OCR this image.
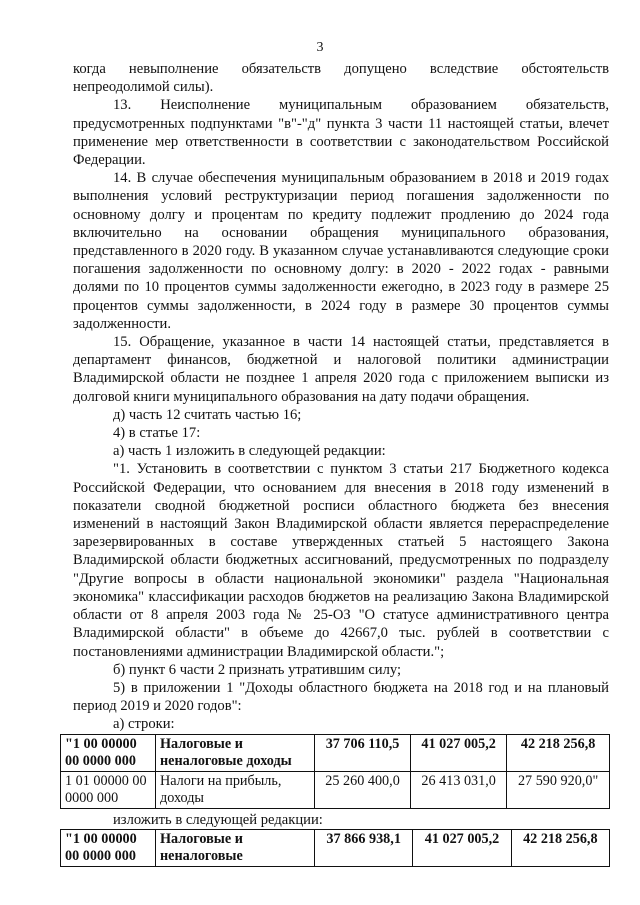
3

когда невыполнение обязательств допущено вследствие обстоятельств непреодолимой силы).

13. Неисполнение муниципальным образованием обязательств, предусмотренных подпунктами "в"-"д" пункта 3 части 11 настоящей статьи, влечет применение мер ответственности в соответствии с законодательством Российской Федерации.

14. В случае обеспечения муниципальным образованием в 2018 и 2019 годах выполнения условий реструктуризации период погашения задолженности по основному долгу и процентам по кредиту подлежит продлению до 2024 года включительно на основании обращения муниципального образования, представленного в 2020 году. В указанном случае устанавливаются следующие сроки погашения задолженности по основному долгу: в 2020 - 2022 годах - равными долями по 10 процентов суммы задолженности ежегодно, в 2023 году в размере 25 процентов суммы задолженности, в 2024 году в размере 30 процентов суммы задолженности.

15. Обращение, указанное в части 14 настоящей статьи, представляется в департамент финансов, бюджетной и налоговой политики администрации Владимирской области не позднее 1 апреля 2020 года с приложением выписки из долговой книги муниципального образования на дату подачи обращения.

д) часть 12 считать частью 16;

4) в статье 17:

а) часть 1 изложить в следующей редакции:

"1. Установить в соответствии с пунктом 3 статьи 217 Бюджетного кодекса Российской Федерации, что основанием для внесения в 2018 году изменений в показатели сводной бюджетной росписи областного бюджета без внесения изменений в настоящий Закон Владимирской области является перераспределение зарезервированных в составе утвержденных статьей 5 настоящего Закона Владимирской области бюджетных ассигнований, предусмотренных по подразделу "Другие вопросы в области национальной экономики" раздела "Национальная экономика" классификации расходов бюджетов на реализацию Закона Владимирской области от 8 апреля 2003 года № 25-ОЗ "О статусе административного центра Владимирской области" в объеме до 42667,0 тыс. рублей в соответствии с постановлениями администрации Владимирской области.";

б) пункт 6 части 2 признать утратившим силу;

5) в приложении 1 "Доходы областного бюджета на 2018 год и на плановый период 2019 и 2020 годов":

а) строки:

"1 00 00000 00 0000 000	Налоговые и неналоговые доходы	37 706 110,5	41 027 005,2	42 218 256,8
1 01 00000 00 0000 000	Налоги на прибыль, доходы	25 260 400,0	26 413 031,0	27 590 920,0"

изложить в следующей редакции:

"1 00 00000 00 0000 000	Налоговые и неналоговые	37 866 938,1	41 027 005,2	42 218 256,8
